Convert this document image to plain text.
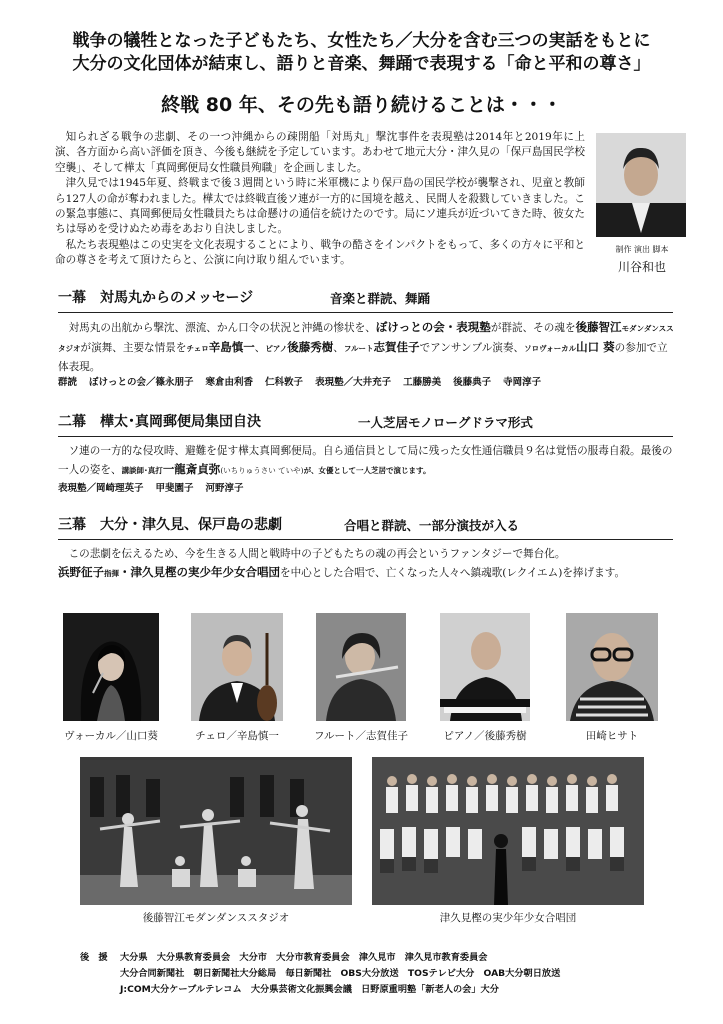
戦争の犠牲となった子どもたち、女性たち／大分を含む三つの実話をもとに
大分の文化団体が結束し、語りと音楽、舞踊で表現する「命と平和の尊さ」
終戦 80 年、その先も語り続けることは・・・

知られざる戦争の悲劇、その一つ沖縄からの疎開船「対馬丸」撃沈事件を表現塾は2014年と2019年に上演、各方面から高い評価を頂き、今後も継続を予定しています。あわせて地元大分・津久見の「保戸島国民学校空襲」、そして樺太「真岡郵便局女性職員殉職」を企画しました。

津久見では1945年夏、終戦まで後３週間という時に米軍機により保戸島の国民学校が襲撃され、児童と教師ら127人の命が奪われました。樺太では終戦直後ソ連が一方的に国境を越え、民間人を殺戮していきました。この緊急事態に、真岡郵便局女性職員たちは命懸けの通信を続けたのです。局にソ連兵が近づいてきた時、彼女たちは辱めを受けぬため毒をあおり自決しました。

私たち表現塾はこの史実を文化表現することにより、戦争の酷さをインパクトをもって、多くの方々に平和と命の尊さを考えて頂けたらと、公演に向け取り組んでいます。

制作 演出 脚本
川谷和也
一幕　対馬丸からのメッセージ	音楽と群読、舞踊

対馬丸の出航から撃沈、漂流、かん口令の状況と沖縄の惨状を、ぼけっとの会・表現塾が群読、その魂を後藤智江モダンダンススタジオが演舞、主要な情景をチェロ辛島慎一、ピアノ後藤秀樹、フルート志賀佳子でアンサンブル演奏、ソロヴォーカル山口 葵の参加で立体表現。

群読 ぼけっとの会／篠永朋子 寒倉由利香 仁科敦子 表現塾／大井充子 工藤勝美 後藤典子 寺岡淳子
二幕　樺太･真岡郵便局集団自決	一人芝居モノローグドラマ形式

ソ連の一方的な侵攻時、避難を促す樺太真岡郵便局。自ら通信員として局に残った女性通信職員９名は覚悟の服毒自殺。最後の一人の姿を、講談師･真打一龍斎貞弥(いちりゅうさい ていや)が、女優として一人芝居で演じます。

表現塾／岡崎理英子 甲斐園子 河野淳子
三幕　大分・津久見、保戸島の悲劇	合唱と群読、一部分演技が入る

この悲劇を伝えるため、今を生きる人間と戦時中の子どもたちの魂の再会というファンタジーで舞台化。

浜野征子指揮・津久見樫の実少年少女合唱団を中心とした合唱で、亡くなった人々へ鎮魂歌(レクイエム)を捧げます。

ヴォーカル／山口葵	チェロ／辛島慎一	フルート／志賀佳子	ピアノ／後藤秀樹	田崎ヒサト
後藤智江モダンダンススタジオ	津久見樫の実少年少女合唱団
後　援	大分県　大分県教育委員会　大分市　大分市教育委員会　津久見市　津久見市教育委員会
大分合同新聞社　朝日新聞社大分総局　毎日新聞社　OBS大分放送　TOSテレビ大分　OAB大分朝日放送
J:COM大分ケーブルテレコム　大分県芸術文化振興会議　日野原重明塾「新老人の会」大分
